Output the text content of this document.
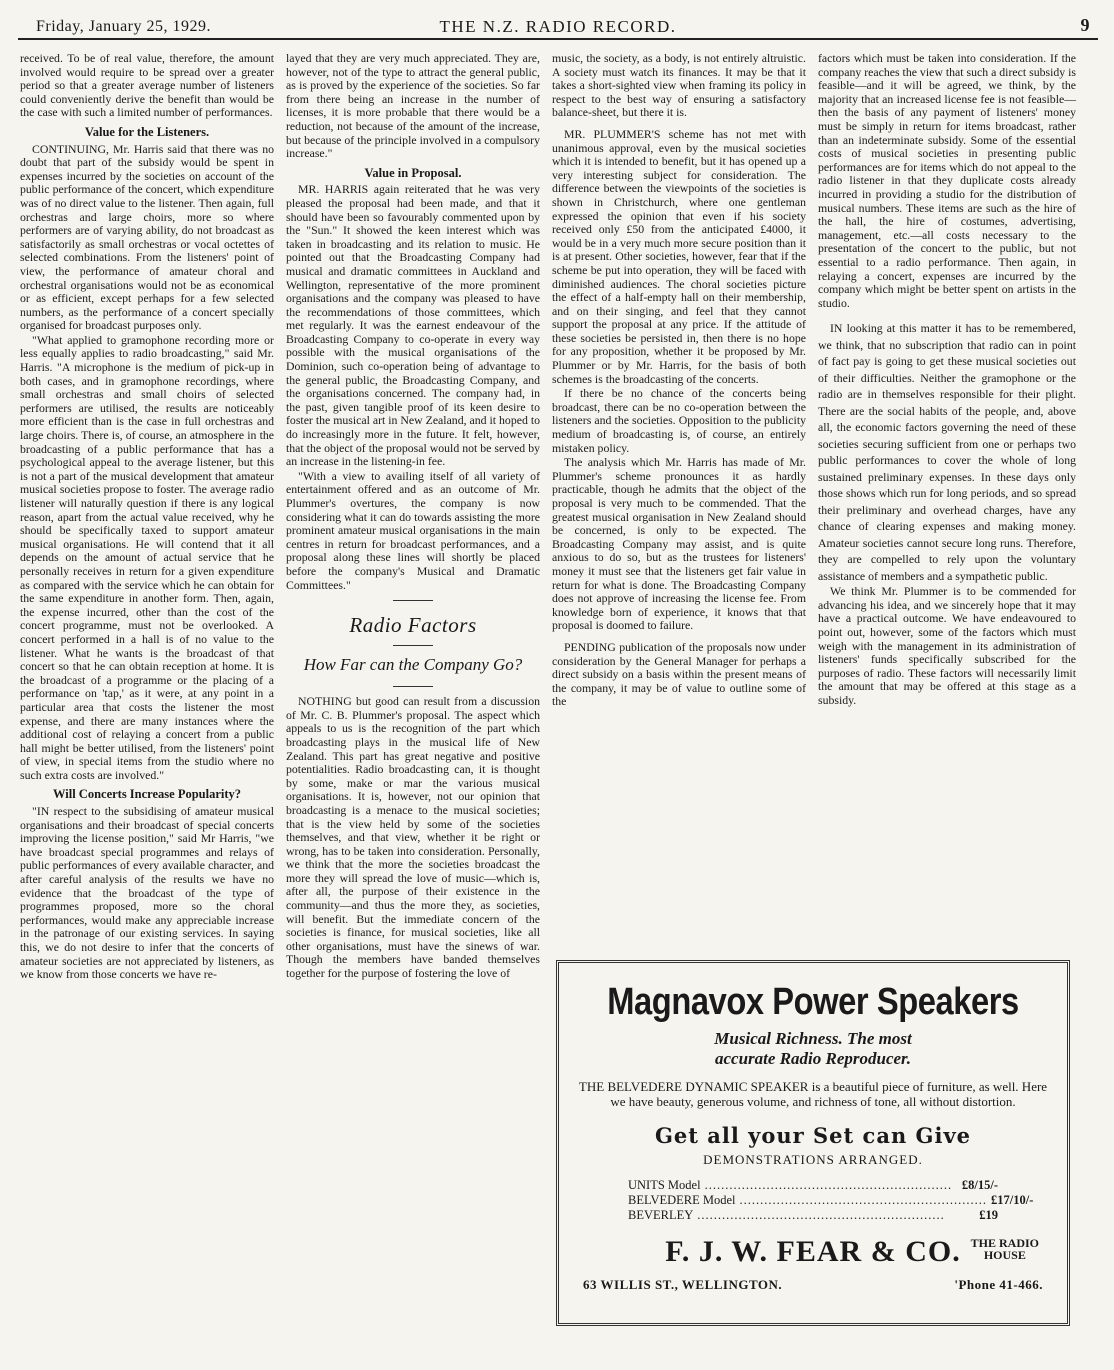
Friday, January 25, 1929.	THE N.Z. RADIO RECORD.	9

received. To be of real value, therefore, the amount involved would require to be spread over a greater period so that a greater average number of listeners could conveniently derive the benefit than would be the case with such a limited number of performances.

Value for the Listeners.

CONTINUING, Mr. Harris said that there was no doubt that part of the subsidy would be spent in expenses incurred by the societies on account of the public performance of the concert, which expenditure was of no direct value to the listener. Then again, full orchestras and large choirs, more so where performers are of varying ability, do not broadcast as satisfactorily as small orchestras or vocal octettes of selected combinations. From the listeners' point of view, the performance of amateur choral and orchestral organisations would not be as economical or as efficient, except perhaps for a few selected numbers, as the performance of a concert specially organised for broadcast purposes only.

"What applied to gramophone recording more or less equally applies to radio broadcasting," said Mr. Harris. "A microphone is the medium of pick-up in both cases, and in gramophone recordings, where small orchestras and small choirs of selected performers are utilised, the results are noticeably more efficient than is the case in full orchestras and large choirs. There is, of course, an atmosphere in the broadcasting of a public performance that has a psychological appeal to the average listener, but this is not a part of the musical development that amateur musical societies propose to foster. The average radio listener will naturally question if there is any logical reason, apart from the actual value received, why he should be specifically taxed to support amateur musical organisations. He will contend that it all depends on the amount of actual service that he personally receives in return for a given expenditure as compared with the service which he can obtain for the same expenditure in another form. Then, again, the expense incurred, other than the cost of the concert programme, must not be overlooked. A concert performed in a hall is of no value to the listener. What he wants is the broadcast of that concert so that he can obtain reception at home. It is the broadcast of a programme or the placing of a performance on 'tap,' as it were, at any point in a particular area that costs the listener the most expense, and there are many instances where the additional cost of relaying a concert from a public hall might be better utilised, from the listeners' point of view, in special items from the studio where no such extra costs are involved."

Will Concerts Increase Popularity?

"IN respect to the subsidising of amateur musical organisations and their broadcast of special concerts improving the license position," said Mr Harris, "we have broadcast special programmes and relays of public performances of every available character, and after careful analysis of the results we have no evidence that the broadcast of the type of programmes proposed, more so the choral performances, would make any appreciable increase in the patronage of our existing services. In saying this, we do not desire to infer that the concerts of amateur societies are not appreciated by listeners, as we know from those concerts we have re-

layed that they are very much appreciated. They are, however, not of the type to attract the general public, as is proved by the experience of the societies. So far from there being an increase in the number of licenses, it is more probable that there would be a reduction, not because of the amount of the increase, but because of the principle involved in a compulsory increase."

Value in Proposal.

MR. HARRIS again reiterated that he was very pleased the proposal had been made, and that it should have been so favourably commented upon by the "Sun." It showed the keen interest which was taken in broadcasting and its relation to music. He pointed out that the Broadcasting Company had musical and dramatic committees in Auckland and Wellington, representative of the more prominent organisations and the company was pleased to have the recommendations of those committees, which met regularly. It was the earnest endeavour of the Broadcasting Company to co-operate in every way possible with the musical organisations of the Dominion, such co-operation being of advantage to the general public, the Broadcasting Company, and the organisations concerned. The company had, in the past, given tangible proof of its keen desire to foster the musical art in New Zealand, and it hoped to do increasingly more in the future. It felt, however, that the object of the proposal would not be served by an increase in the listening-in fee.

"With a view to availing itself of all variety of entertainment offered and as an outcome of Mr. Plummer's overtures, the company is now considering what it can do towards assisting the more prominent amateur musical organisations in the main centres in return for broadcast performances, and a proposal along these lines will shortly be placed before the company's Musical and Dramatic Committees."

Radio Factors
How Far can the Company Go?

NOTHING but good can result from a discussion of Mr. C. B. Plummer's proposal. The aspect which appeals to us is the recognition of the part which broadcasting plays in the musical life of New Zealand. This part has great negative and positive potentialities. Radio broadcasting can, it is thought by some, make or mar the various musical organisations. It is, however, not our opinion that broadcasting is a menace to the musical societies; that is the view held by some of the societies themselves, and that view, whether it be right or wrong, has to be taken into consideration. Personally, we think that the more the societies broadcast the more they will spread the love of music—which is, after all, the purpose of their existence in the community—and thus the more they, as societies, will benefit. But the immediate concern of the societies is finance, for musical societies, like all other organisations, must have the sinews of war. Though the members have banded themselves together for the purpose of fostering the love of

music, the society, as a body, is not entirely altruistic. A society must watch its finances. It may be that it takes a short-sighted view when framing its policy in respect to the best way of ensuring a satisfactory balance-sheet, but there it is.

MR. PLUMMER'S scheme has not met with unanimous approval, even by the musical societies which it is intended to benefit, but it has opened up a very interesting subject for consideration. The difference between the viewpoints of the societies is shown in Christchurch, where one gentleman expressed the opinion that even if his society received only £50 from the anticipated £4000, it would be in a very much more secure position than it is at present. Other societies, however, fear that if the scheme be put into operation, they will be faced with diminished audiences. The choral societies picture the effect of a half-empty hall on their membership, and on their singing, and feel that they cannot support the proposal at any price. If the attitude of these societies be persisted in, then there is no hope for any proposition, whether it be proposed by Mr. Plummer or by Mr. Harris, for the basis of both schemes is the broadcasting of the concerts.

If there be no chance of the concerts being broadcast, there can be no co-operation between the listeners and the societies. Opposition to the publicity medium of broadcasting is, of course, an entirely mistaken policy.

The analysis which Mr. Harris has made of Mr. Plummer's scheme pronounces it as hardly practicable, though he admits that the object of the proposal is very much to be commended. That the greatest musical organisation in New Zealand should be concerned, is only to be expected. The Broadcasting Company may assist, and is quite anxious to do so, but as the trustees for listeners' money it must see that the listeners get fair value in return for what is done. The Broadcasting Company does not approve of increasing the license fee. From knowledge born of experience, it knows that that proposal is doomed to failure.

PENDING publication of the proposals now under consideration by the General Manager for perhaps a direct subsidy on a basis within the present means of the company, it may be of value to outline some of the

factors which must be taken into consideration. If the company reaches the view that such a direct subsidy is feasible—and it will be agreed, we think, by the majority that an increased license fee is not feasible—then the basis of any payment of listeners' money must be simply in return for items broadcast, rather than an indeterminate subsidy. Some of the essential costs of musical societies in presenting public performances are for items which do not appeal to the radio listener in that they duplicate costs already incurred in providing a studio for the distribution of musical numbers. These items are such as the hire of the hall, the hire of costumes, advertising, management, etc.—all costs necessary to the presentation of the concert to the public, but not essential to a radio performance. Then again, in relaying a concert, expenses are incurred by the company which might be better spent on artists in the studio.

IN looking at this matter it has to be remembered, we think, that no subscription that radio can in point of fact pay is going to get these musical societies out of their difficulties. Neither the gramophone or the radio are in themselves responsible for their plight. There are the social habits of the people, and, above all, the economic factors governing the need of these societies securing sufficient from one or perhaps two public performances to cover the whole of long sustained preliminary expenses. In these days only those shows which run for long periods, and so spread their preliminary and overhead charges, have any chance of clearing expenses and making money. Amateur societies cannot secure long runs. Therefore, they are compelled to rely upon the voluntary assistance of members and a sympathetic public.

We think Mr. Plummer is to be commended for advancing his idea, and we sincerely hope that it may have a practical outcome. We have endeavoured to point out, however, some of the factors which must weigh with the management in its administration of listeners' funds specifically subscribed for the purposes of radio. These factors will necessarily limit the amount that may be offered at this stage as a subsidy.

Magnavox Power Speakers
Musical Richness. The most
accurate Radio Reproducer.
THE BELVEDERE DYNAMIC SPEAKER is a beautiful piece of furniture, as well. Here we have beauty, generous volume, and richness of tone, all without distortion.
Get all your Set can Give
DEMONSTRATIONS ARRANGED.
UNITS Model ............................................................ £8/15/-
BELVEDERE Model ............................................................ £17/10/-
BEVERLEY ............................................................	£19
F. J. W. FEAR & CO. THE RADIO
HOUSE
63 WILLIS ST., WELLINGTON.	'Phone 41-466.
